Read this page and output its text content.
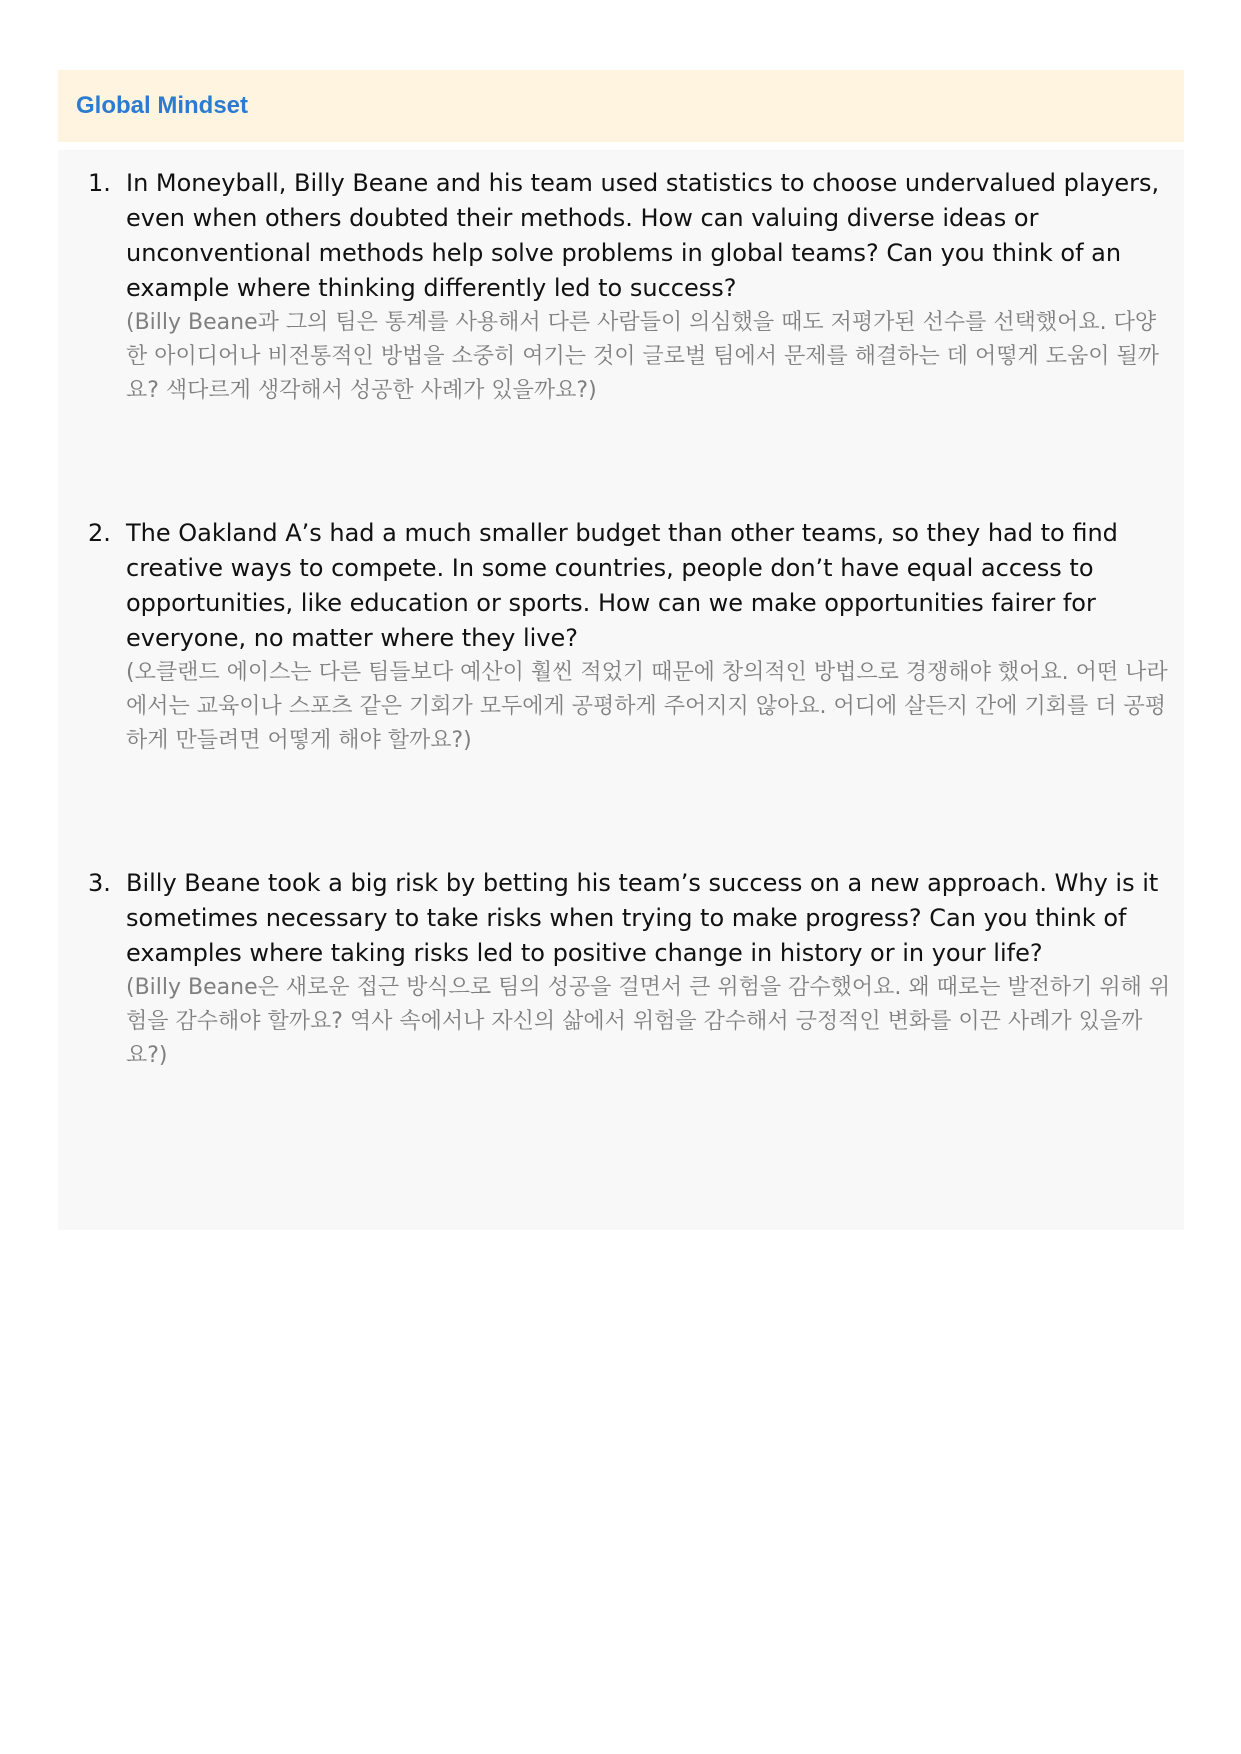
Global Mindset
1. In Moneyball, Billy Beane and his team used statistics to choose undervalued players, even when others doubted their methods. How can valuing diverse ideas or unconventional methods help solve problems in global teams? Can you think of an example where thinking differently led to success?

(Billy Beane과 그의 팀은 통계를 사용해서 다른 사람들이 의심했을 때도 저평가된 선수를 선택했어요. 다양한 아이디어나 비전통적인 방법을 소중히 여기는 것이 글로벌 팀에서 문제를 해결하는 데 어떻게 도움이 될까요? 색다르게 생각해서 성공한 사례가 있을까요?)

2. The Oakland A’s had a much smaller budget than other teams, so they had to find creative ways to compete. In some countries, people don’t have equal access to opportunities, like education or sports. How can we make opportunities fairer for everyone, no matter where they live?

(오클랜드 에이스는 다른 팀들보다 예산이 훨씬 적었기 때문에 창의적인 방법으로 경쟁해야 했어요. 어떤 나라에서는 교육이나 스포츠 같은 기회가 모두에게 공평하게 주어지지 않아요. 어디에 살든지 간에 기회를 더 공평하게 만들려면 어떻게 해야 할까요?)

3. Billy Beane took a big risk by betting his team’s success on a new approach. Why is it sometimes necessary to take risks when trying to make progress? Can you think of examples where taking risks led to positive change in history or in your life?

(Billy Beane은 새로운 접근 방식으로 팀의 성공을 걸면서 큰 위험을 감수했어요. 왜 때로는 발전하기 위해 위험을 감수해야 할까요? 역사 속에서나 자신의 삶에서 위험을 감수해서 긍정적인 변화를 이끈 사례가 있을까요?)
